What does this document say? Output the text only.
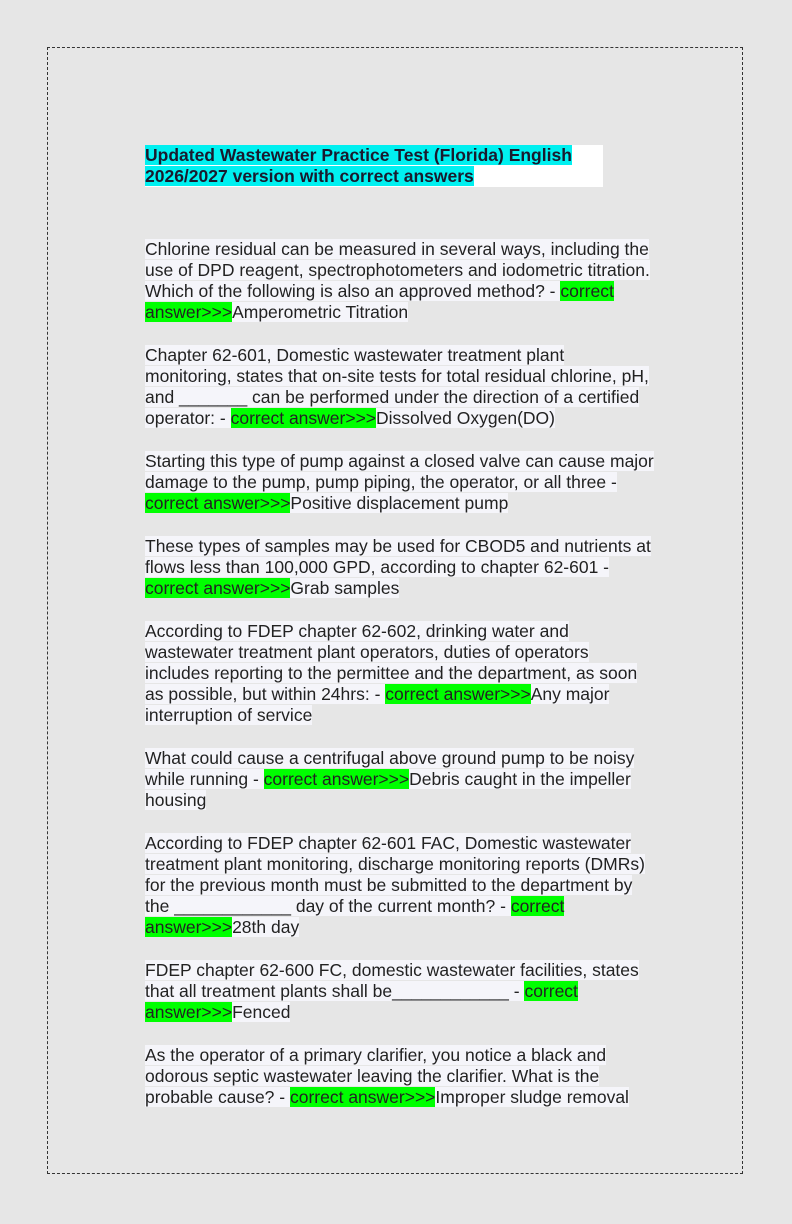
Updated Wastewater Practice Test (Florida) English
2026/2027 version with correct answers
Chlorine residual can be measured in several ways, including the use of DPD reagent, spectrophotometers and iodometric titration. Which of the following is also an approved method? - correct answer>>>Amperometric Titration
Chapter 62-601, Domestic wastewater treatment plant monitoring, states that on-site tests for total residual chlorine, pH, and _______ can be performed under the direction of a certified operator: - correct answer>>>Dissolved Oxygen(DO)
Starting this type of pump against a closed valve can cause major damage to the pump, pump piping, the operator, or all three - correct answer>>>Positive displacement pump
These types of samples may be used for CBOD5 and nutrients at flows less than 100,000 GPD, according to chapter 62-601 - correct answer>>>Grab samples
According to FDEP chapter 62-602, drinking water and wastewater treatment plant operators, duties of operators includes reporting to the permittee and the department, as soon as possible, but within 24hrs: - correct answer>>>Any major interruption of service
What could cause a centrifugal above ground pump to be noisy while running - correct answer>>>Debris caught in the impeller housing
According to FDEP chapter 62-601 FAC, Domestic wastewater treatment plant monitoring, discharge monitoring reports (DMRs) for the previous month must be submitted to the department by the ____________ day of the current month? - correct answer>>>28th day
FDEP chapter 62-600 FC, domestic wastewater facilities, states that all treatment plants shall be____________ - correct answer>>>Fenced
As the operator of a primary clarifier, you notice a black and odorous septic wastewater leaving the clarifier. What is the probable cause? - correct answer>>>Improper sludge removal
